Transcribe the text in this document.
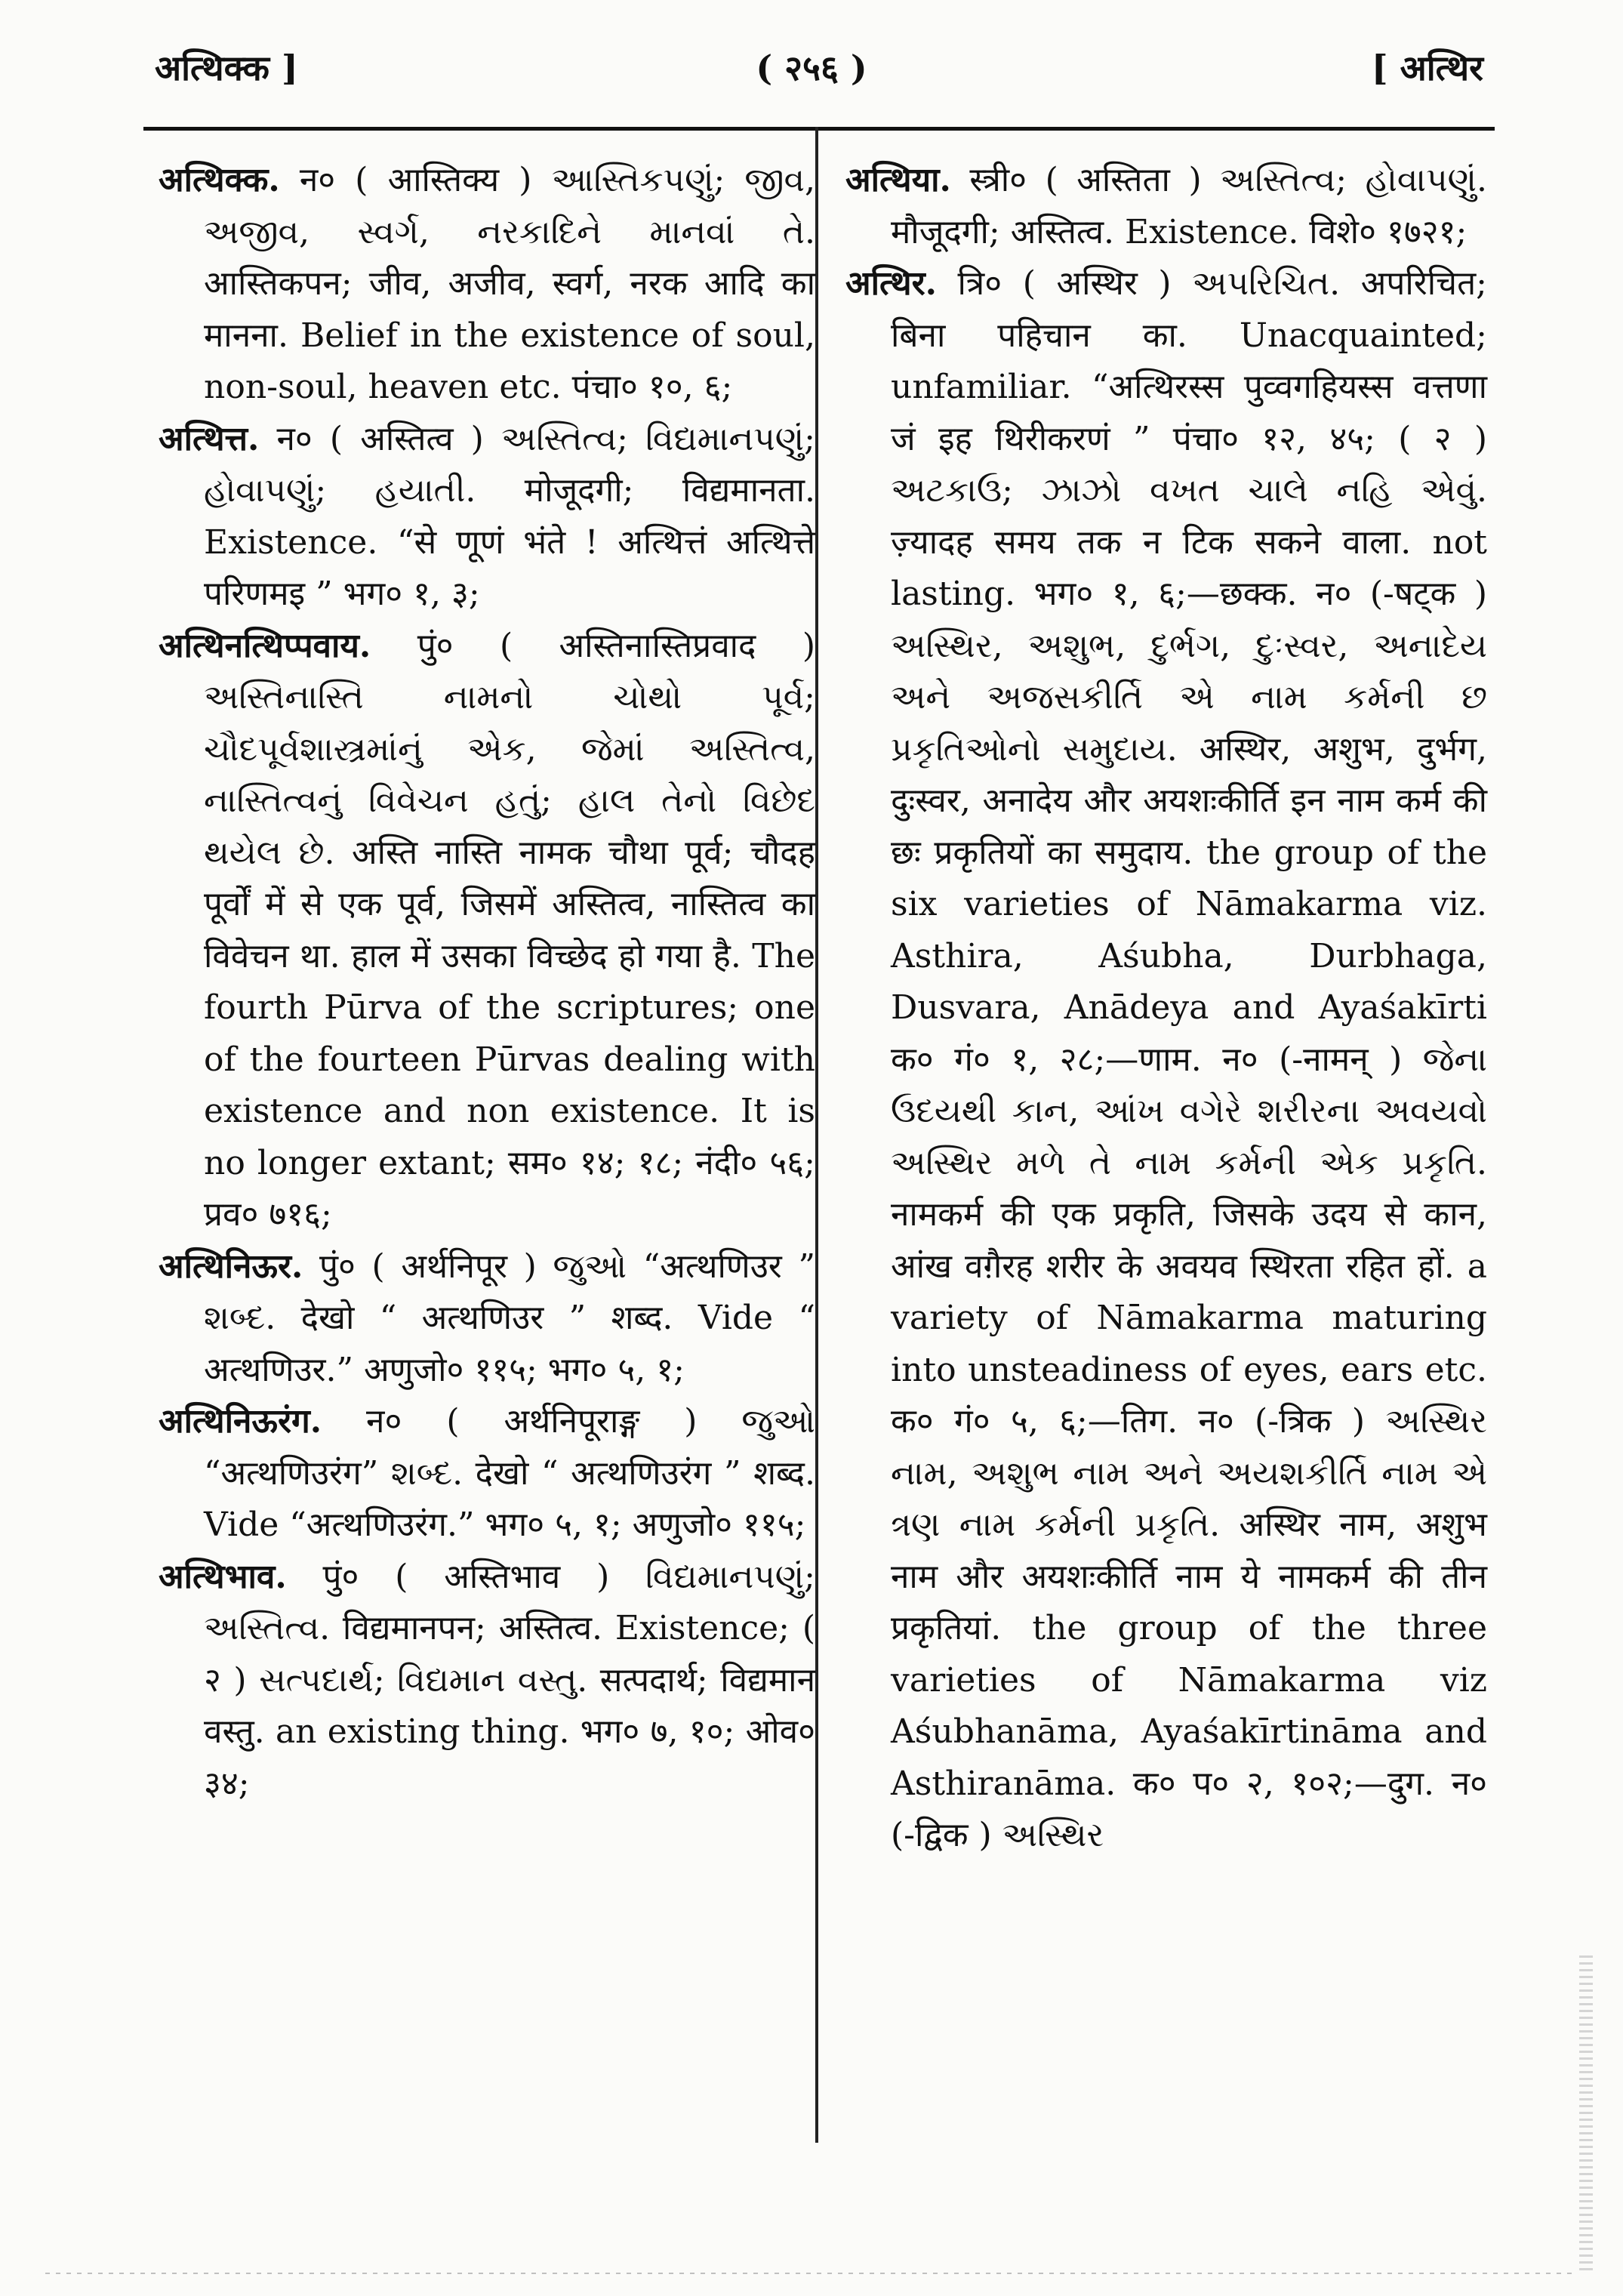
अत्थिक्क ]	( २५६ )	[ अत्थिर

अत्थिक्क. न० ( आस्तिक्य ) આસ્તિકપણું; જીવ, અજીવ, સ્વર્ગ, નરકાદિને માનવાં તે. आस्तिकपन; जीव, अजीव, स्वर्ग, नरक आदि का मानना. Belief in the existence of soul, non-soul, heaven etc. पंचा० १०, ६;

अत्थित्त. न० ( अस्तित्व ) અસ્તિત્વ; વિદ્યમાનપણું; હોવાપણું; હયાતી. मोजूदगी; विद्यमानता. Existence. “से णूणं भंते ! अत्थित्तं अत्थित्ते परिणमइ ” भग० १, ३;

अत्थिनत्थिप्पवाय. पुं० ( अस्तिनास्तिप्रवाद ) અસ્તિનાસ્તિ નામનો ચોથો પૂર્વ; ચૌદપૂર્વશાસ્ત્રમાંનું એક, જેમાં અસ્તિત્વ, નાસ્તિત્વનું વિવેચન હતું; હાલ તેનો વિછેદ થયેલ છે. अस्ति नास्ति नामक चौथा पूर्व; चौदह पूर्वों में से एक पूर्व, जिसमें अस्तित्व, नास्तित्व का विवेचन था. हाल में उसका विच्छेद हो गया है. The fourth Pūrva of the scriptures; one of the fourteen Pūrvas dealing with existence and non existence. It is no longer extant; सम० १४; १८; नंदी० ५६; प्रव० ७१६;

अत्थिनिऊर. पुं० ( अर्थनिपूर ) જુઓ “अत्थणिउर ” શબ્દ. देखो “ अत्थणिउर ” शब्द. Vide “ अत्थणिउर.” अणुजो० ११५; भग० ५, १;

अत्थिनिऊरंग. न० ( अर्थनिपूराङ्ग ) જુઓ “अत्थणिउरंग” શબ્દ. देखो “ अत्थणिउरंग ” शब्द. Vide “अत्थणिउरंग.” भग० ५, १; अणुजो० ११५;

अत्थिभाव. पुं० ( अस्तिभाव ) વિદ્યમાનપણું; અસ્તિત્વ. विद्यमानपन; अस्तित्व. Existence; ( २ ) સત્પદાર્થ; વિદ્યમાન વસ્તુ. सत्पदार्थ; विद्यमान वस्तु. an existing thing. भग० ७, १०; ओव० ३४;

अत्थिया. स्त्री० ( अस्तिता ) અસ્તિત્વ; હોવાપણું. मौजूदगी; अस्तित्व. Existence. विशे० १७२१;

अत्थिर. त्रि० ( अस्थिर ) અપરિચિત. अपरिचित; बिना पहिचान का. Unacquainted; unfamiliar. “अत्थिरस्स पुव्वगहियस्स वत्तणा जं इह थिरीकरणं ” पंचा० १२, ४५; ( २ ) અટકાઉ; ઝાઝો વખત ચાલે નહિ એવું. ज़्यादह समय तक न टिक सकने वाला. not lasting. भग० १, ६;—छक्क. न० (-षट्क ) અસ્થિર, અશુભ, દુર્ભગ, દુઃસ્વર, અનાદેય અને અજસકીર્તિ એ નામ કર્મની છ પ્રકૃતિઓનો સમુદાય. अस्थिर, अशुभ, दुर्भग, दुःस्वर, अनादेय और अयशःकीर्ति इन नाम कर्म की छः प्रकृतियों का समुदाय. the group of the six varieties of Nāmakarma viz. Asthira, Aśubha, Durbhaga, Dusvara, Anādeya and Ayaśakīrti क० गं० १, २८;—णाम. न० (-नामन् ) જેના ઉદયથી કાન, આંખ વગેરે શરીરના અવયવો અસ્થિર મળે તે નામ કર્મની એક પ્રકૃતિ. नामकर्म की एक प्रकृति, जिसके उदय से कान, आंख वग़ैरह शरीर के अवयव स्थिरता रहित हों. a variety of Nāmakarma maturing into unsteadiness of eyes, ears etc. क० गं० ५, ६;—तिग. न० (-त्रिक ) અસ્થિર નામ, અશુભ નામ અને અયશકીર્તિ નામ એ ત્રણ નામ કર્મની પ્રકૃતિ. अस्थिर नाम, अशुभ नाम और अयशःकीर्ति नाम ये नामकर्म की तीन प्रकृतियां. the group of the three varieties of Nāmakarma viz Aśubhanāma, Ayaśakīrtināma and Asthiranāma. क० प० २, १०२;—दुग. न० (-द्विक ) અસ્થિર
